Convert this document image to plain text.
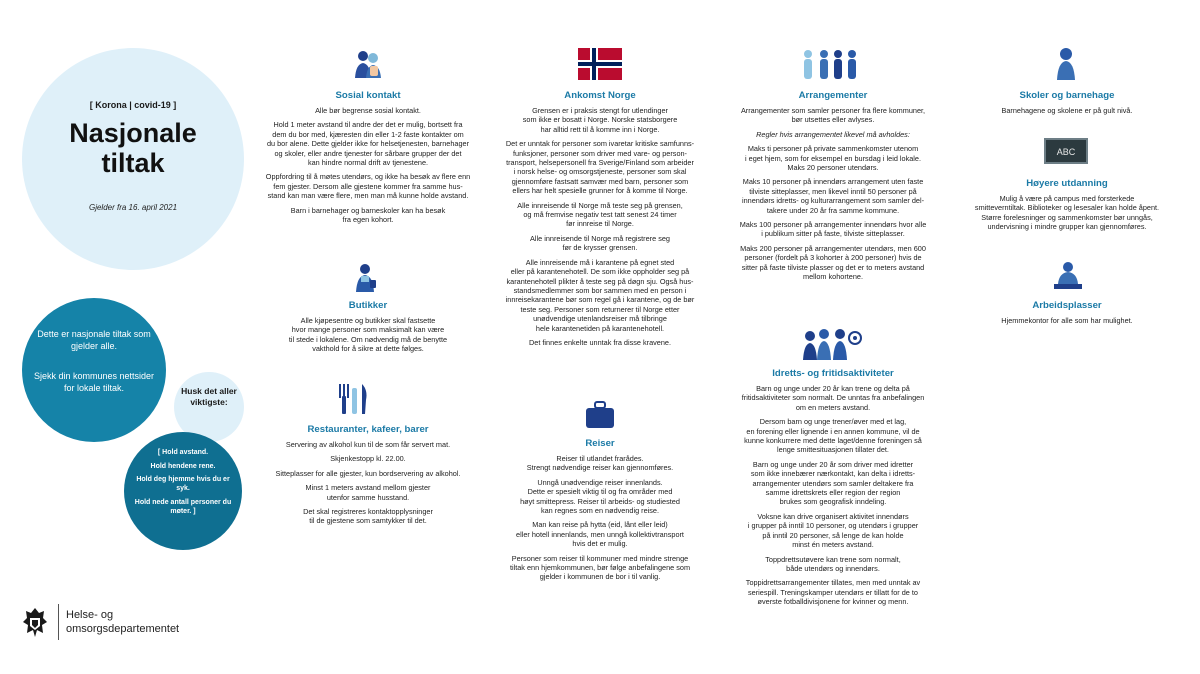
[ Korona | covid-19 ]
Nasjonale tiltak
Gjelder fra 16. april 2021
Dette er nasjonale tiltak som gjelder alle.
Sjekk din kommunes nettsider for lokale tiltak.	Husk det aller viktigste:
[ Hold avstand.
Hold hendene rene.
Hold deg hjemme hvis du er syk.
Hold nede antall personer du møter. ]
Sosial kontakt

Alle bør begrense sosial kontakt.

Hold 1 meter avstand til andre der det er mulig, bortsett fra
dem du bor med, kjæresten din eller 1-2 faste kontakter om
du bor alene. Dette gjelder ikke for helsetjenesten, barnehager
og skoler, eller andre tjenester for sårbare grupper der det
kan hindre normal drift av tjenestene.

Oppfordring til å møtes utendørs, og ikke ha besøk av flere enn
fem gjester. Dersom alle gjestene kommer fra samme hus-
stand kan man være flere, men man må kunne holde avstand.

Barn i barnehager og barneskoler kan ha besøk
fra egen kohort.

Butikker

Alle kjøpesentre og butikker skal fastsette
hvor mange personer som maksimalt kan være
til stede i lokalene. Om nødvendig må de benytte
vakthold for å sikre at dette følges.

Restauranter, kafeer, barer

Servering av alkohol kun til de som får servert mat.

Skjenkestopp kl. 22.00.

Sitteplasser for alle gjester, kun bordservering av alkohol.

Minst 1 meters avstand mellom gjester
utenfor samme husstand.

Det skal registreres kontaktopplysninger
til de gjestene som samtykker til det.

Ankomst Norge

Grensen er i praksis stengt for utlendinger
som ikke er bosatt i Norge. Norske statsborgere
har alltid rett til å komme inn i Norge.

Det er unntak for personer som ivaretar kritiske samfunns-
funksjoner, personer som driver med vare- og person-
transport, helsepersonell fra Sverige/Finland som arbeider
i norsk helse- og omsorgstjeneste, personer som skal
gjennomføre fastsatt samvær med barn, personer som
ellers har helt spesielle grunner for å komme til Norge.

Alle innreisende til Norge må teste seg på grensen,
og må fremvise negativ test tatt senest 24 timer
før innreise til Norge.

Alle innreisende til Norge må registrere seg
før de krysser grensen.

Alle innreisende må i karantene på egnet sted
eller på karantenehotell. De som ikke oppholder seg på
karantenehotell plikter å teste seg på døgn sju. Også hus-
standsmedlemmer som bor sammen med en person i
innreisekarantene bør som regel gå i karantene, og de bør
teste seg. Personer som returnerer til Norge etter
unødvendige utenlandsreiser må tilbringe
hele karantenetiden på karantenehotell.

Det finnes enkelte unntak fra disse kravene.

Reiser

Reiser til utlandet frarådes.
Strengt nødvendige reiser kan gjennomføres.

Unngå unødvendige reiser innenlands.
Dette er spesielt viktig til og fra områder med
høyt smittepress. Reiser til arbeids- og studiested
kan regnes som en nødvendig reise.

Man kan reise på hytta (eid, lånt eller leid)
eller hotell innenlands, men unngå kollektivtransport
hvis det er mulig.

Personer som reiser til kommuner med mindre strenge
tiltak enn hjemkommunen, bør følge anbefalingene som
gjelder i kommunen de bor i til vanlig.

Arrangementer

Arrangementer som samler personer fra flere kommuner,
bør utsettes eller avlyses.

Regler hvis arrangementet likevel må avholdes:

Maks ti personer på private sammenkomster utenom
i eget hjem, som for eksempel en bursdag i leid lokale.
Maks 20 personer utendørs.

Maks 10 personer på innendørs arrangement uten faste
tilviste sitteplasser, men likevel inntil 50 personer på
innendørs idretts- og kulturarrangement som samler del-
takere under 20 år fra samme kommune.

Maks 100 personer på arrangementer innendørs hvor alle
i publikum sitter på faste, tilviste sitteplasser.

Maks 200 personer på arrangementer utendørs, men 600
personer (fordelt på 3 kohorter à 200 personer) hvis de
sitter på faste tilviste plasser og det er to meters avstand
mellom kohortene.

Idretts- og fritidsaktiviteter

Barn og unge under 20 år kan trene og delta på
fritidsaktiviteter som normalt. De unntas fra anbefalingen
om en meters avstand.

Dersom barn og unge trener/øver med et lag,
en forening eller lignende i en annen kommune, vil de
kunne konkurrere med dette laget/denne foreningen så
lenge smittesituasjonen tillater det.

Barn og unge under 20 år som driver med idretter
som ikke innebærer nærkontakt, kan delta i idretts-
arrangementer utendørs som samler deltakere fra
samme idrettskrets eller region der region
brukes som geografisk inndeling.

Voksne kan drive organisert aktivitet innendørs
i grupper på inntil 10 personer, og utendørs i grupper
på inntil 20 personer, så lenge de kan holde
minst én meters avstand.

Toppdrettsutøvere kan trene som normalt,
både utendørs og innendørs.

Toppidrettsarrangementer tillates, men med unntak av
seriespill. Treningskamper utendørs er tillatt for de to
øverste fotballdivisjonene for kvinner og menn.

Skoler og barnehage

Barnehagene og skolene er på gult nivå.

ABC
Høyere utdanning

Mulig å være på campus med forsterkede
smitteverntiltak. Biblioteker og lesesaler kan holde åpent.
Større forelesninger og sammenkomster bør unngås,
undervisning i mindre grupper kan gjennomføres.

Arbeidsplasser

Hjemmekontor for alle som har mulighet.

Helse- og
omsorgsdepartementet
